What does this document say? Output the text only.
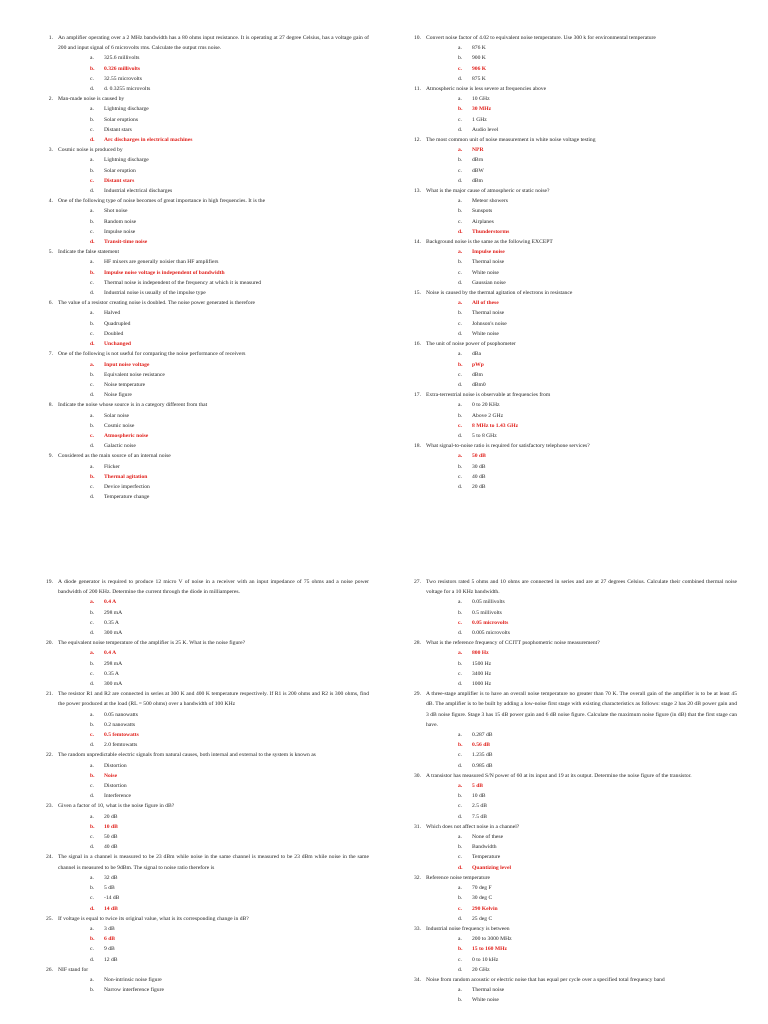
1. An amplifier operating over a 2 MHz bandwidth has a 80 ohms input resistance. It is operating at 27 degree Celsius, has a voltage gain of 200 and input signal of 6 microvolts rms. Calculate the output rms noise.
a.	325.6 millivolts
b.	0.326 millivolts
c.	32.55 microvolts
d.	d. 0.3255 microvolts
2. Man-made noise is caused by
a.	Lightning discharge
b.	Solar eruptions
c.	Distant stars
d.	Arc discharges in electrical machines
3. Cosmic noise is produced by
a.	Lightning discharge
b.	Solar eruption
c.	Distant stars
d.	Industrial electrical discharges
4. One of the following type of noise becomes of great importance in high frequencies. It is the
a.	Shot noise
b.	Random noise
c.	Impulse noise
d.	Transit-time noise
5. Indicate the false statement
a.	HF mixers are generally noisier than HF amplifiers
b.	Impulse noise voltage is independent of bandwidth
c.	Thermal noise is independent of the frequency at which it is measured
d.	Industrial noise is usually of the impulse type
6. The value of a resistor creating noise is doubled. The noise power generated is therefore
a.	Halved
b.	Quadrupled
c.	Doubled
d.	Unchanged
7. One of the following is not useful for comparing the noise performance of receivers
a.	Input noise voltage
b.	Equivalent noise resistance
c.	Noise temperature
d.	Noise figure
8. Indicate the noise whose source is in a category different from that
a.	Solar noise
b.	Cosmic noise
c.	Atmospheric noise
d.	Galactic noise
9. Considered as the main source of an internal noise
a.	Flicker
b.	Thermal agitation
c.	Device imperfection
d.	Temperature change
10. Convert noise factor of 4.02 to equivalent noise temperature. Use 300 k for environmental temperature
a.	876 K
b.	900 K
c.	906 K
d.	875 K
11. Atmospheric noise is less severe at frequencies above
a.	10 GHz
b.	30 MHz
c.	1 GHz
d.	Audio level
12. The most common unit of noise measurement in white noise voltage testing
a.	NPR
b.	dBrn
c.	dBW
d.	dBm
13. What is the major cause of atmospheric or static noise?
a.	Meteor showers
b.	Sunspots
c.	Airplanes
d.	Thunderstorms
14. Background noise is the same as the following EXCEPT
a.	Impulse noise
b.	Thermal noise
c.	White noise
d.	Gaussian noise
15. Noise is caused by the thermal agitation of electrons in resistance
a.	All of these
b.	Thermal noise
c.	Johnson's noise
d.	White noise
16. The unit of noise power of psophometer
a.	dBa
b.	pWp
c.	dBm
d.	dBm0
17. Extra-terrestrial noise is observable at frequencies from
a.	0 to 20 KHz
b.	Above 2 GHz
c.	8 MHz to 1.43 GHz
d.	5 to 8 GHz
18. What signal-to-noise ratio is required for satisfactory telephone services?
a.	50 dB
b.	30 dB
c.	40 dB
d.	20 dB
19. A diode generator is required to produce 12 micro V of noise in a receiver with an input impedance of 75 ohms and a noise power bandwidth of 200 KHz. Determine the current through the diode in milliamperes.
a.	0.4 A
b.	298 mA
c.	0.35 A
d.	300 mA
20. The equivalent noise temperature of the amplifier is 25 K. What is the noise figure?
a.	0.4 A
b.	298 mA
c.	0.35 A
d.	300 mA
21. The resistor R1 and R2 are connected in series at 300 K and 400 K temperature respectively. If R1 is 200 ohms and R2 is 300 ohms, find the power produced at the load (RL = 500 ohms) over a bandwidth of 100 KHz
a.	0.05 nanowatts
b.	0.2 nanowatts
c.	0.5 femtowatts
d.	2.0 femtowatts
22. The random unpredictable electric signals from natural causes, both internal and external to the system is known as
a.	Distortion
b.	Noise
c.	Distortion
d.	Interference
23. Given a factor of 10, what is the noise figure in dB?
a.	20 dB
b.	10 dB
c.	50 dB
d.	40 dB
24. The signal in a channel is measured to be 23 dBm while noise in the same channel is measured to be 23 dBm while noise in the same channel is measured to be 9dBm. The signal to noise ratio therefore is
a.	32 dB
b.	5 dB
c.	-14 dB
d.	14 dB
25. If voltage is equal to twice its original value, what is its corresponding change in dB?
a.	3 dB
b.	6 dB
c.	9 dB
d.	12 dB
26. NIF stand for
a.	Non-intrinsic noise figure
b.	Narrow interference figure
27. Two resistors rated 5 ohms and 10 ohms are connected in series and are at 27 degrees Celsius. Calculate their combined thermal noise voltage for a 10 KHz bandwidth.
a.	0.05 millivolts
b.	0.5 millivolts
c.	0.05 microvolts
d.	0.005 microvolts
28. What is the reference frequency of CCITT psophometric noise measurement?
a.	800 Hz
b.	1500 Hz
c.	3400 Hz
d.	1000 Hz
29. A three-stage amplifier is to have an overall noise temperature no greater than 70 K. The overall gain of the amplifier is to be at least 45 dB. The amplifier is to be built by adding a low-noise first stage with existing characteristics as follows: stage 2 has 20 dB power gain and 3 dB noise figure. Stage 3 has 15 dB power gain and 6 dB noise figure. Calculate the maximum noise figure (in dB) that the first stage can have.
a.	0.287 dB
b.	0.56 dB
c.	1.235 dB
d.	0.985 dB
30. A transistor has measured S/N power of 60 at its input and 19 at its output. Determine the noise figure of the transistor.
a.	5 dB
b.	10 dB
c.	2.5 dB
d.	7.5 dB
31. Which does not affect noise in a channel?
a.	None of these
b.	Bandwidth
c.	Temperature
d.	Quantizing level
32. Reference noise temperature
a.	70 deg F
b.	30 deg C
c.	290 Kelvin
d.	25 deg C
33. Industrial noise frequency is between
a.	200 to 3000 MHz
b.	15 to 160 MHz
c.	0 to 10 kHz
d.	20 GHz
34. Noise from random acoustic or electric noise that has equal per cycle over a specified total frequency band
a.	Thermal noise
b.	White noise
